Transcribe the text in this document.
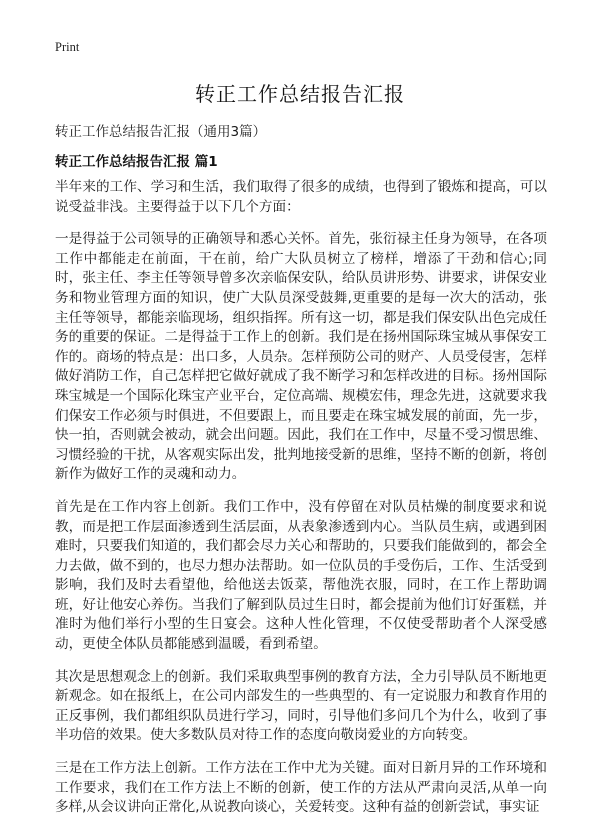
Print
转正工作总结报告汇报
转正工作总结报告汇报（通用3篇）
转正工作总结报告汇报 篇1

半年来的工作、学习和生活，我们取得了很多的成绩，也得到了锻炼和提高，可以说受益非浅。主要得益于以下几个方面：

一是得益于公司领导的正确领导和悉心关怀。首先，张衍禄主任身为领导，在各项工作中都能走在前面，干在前，给广大队员树立了榜样，增添了干劲和信心;同时，张主任、李主任等领导曾多次亲临保安队，给队员讲形势、讲要求，讲保安业务和物业管理方面的知识，使广大队员深受鼓舞,更重要的是每一次大的活动，张主任等领导，都能亲临现场，组织指挥。所有这一切，都是我们保安队出色完成任务的重要的保证。二是得益于工作上的创新。我们是在扬州国际珠宝城从事保安工作的。商场的特点是：出口多，人员杂。怎样预防公司的财产、人员受侵害，怎样做好消防工作，自己怎样把它做好就成了我不断学习和怎样改进的目标。扬州国际珠宝城是一个国际化珠宝产业平台，定位高端、规模宏伟，理念先进，这就要求我们保安工作必须与时俱进，不但要跟上，而且要走在珠宝城发展的前面，先一步，快一拍，否则就会被动，就会出问题。因此，我们在工作中，尽量不受习惯思维、习惯经验的干扰，从客观实际出发，批判地接受新的思维，坚持不断的创新，将创新作为做好工作的灵魂和动力。

首先是在工作内容上创新。我们工作中，没有停留在对队员枯燥的制度要求和说教，而是把工作层面渗透到生活层面，从表象渗透到内心。当队员生病，或遇到困难时，只要我们知道的，我们都会尽力关心和帮助的，只要我们能做到的，都会全力去做，做不到的，也尽力想办法帮助。如一位队员的手受伤后，工作、生活受到影响，我们及时去看望他，给他送去饭菜，帮他洗衣服，同时，在工作上帮助调班，好让他安心养伤。当我们了解到队员过生日时，都会提前为他们订好蛋糕，并准时为他们举行小型的生日宴会。这种人性化管理，不仅使受帮助者个人深受感动，更使全体队员都能感到温暖，看到希望。

其次是思想观念上的创新。我们采取典型事例的教育方法，全力引导队员不断地更新观念。如在报纸上，在公司内部发生的一些典型的、有一定说服力和教育作用的正反事例，我们都组织队员进行学习，同时，引导他们多问几个为什么，收到了事半功倍的效果。使大多数队员对待工作的态度向敬岗爱业的方向转变。

三是在工作方法上创新。工作方法在工作中尤为关键。面对日新月异的工作环境和工作要求，我们在工作方法上不断的创新，使工作的方法从严肃向灵活,从单一向多样,从会议讲向正常化,从说教向谈心，关爱转变。这种有益的创新尝试，事实证
